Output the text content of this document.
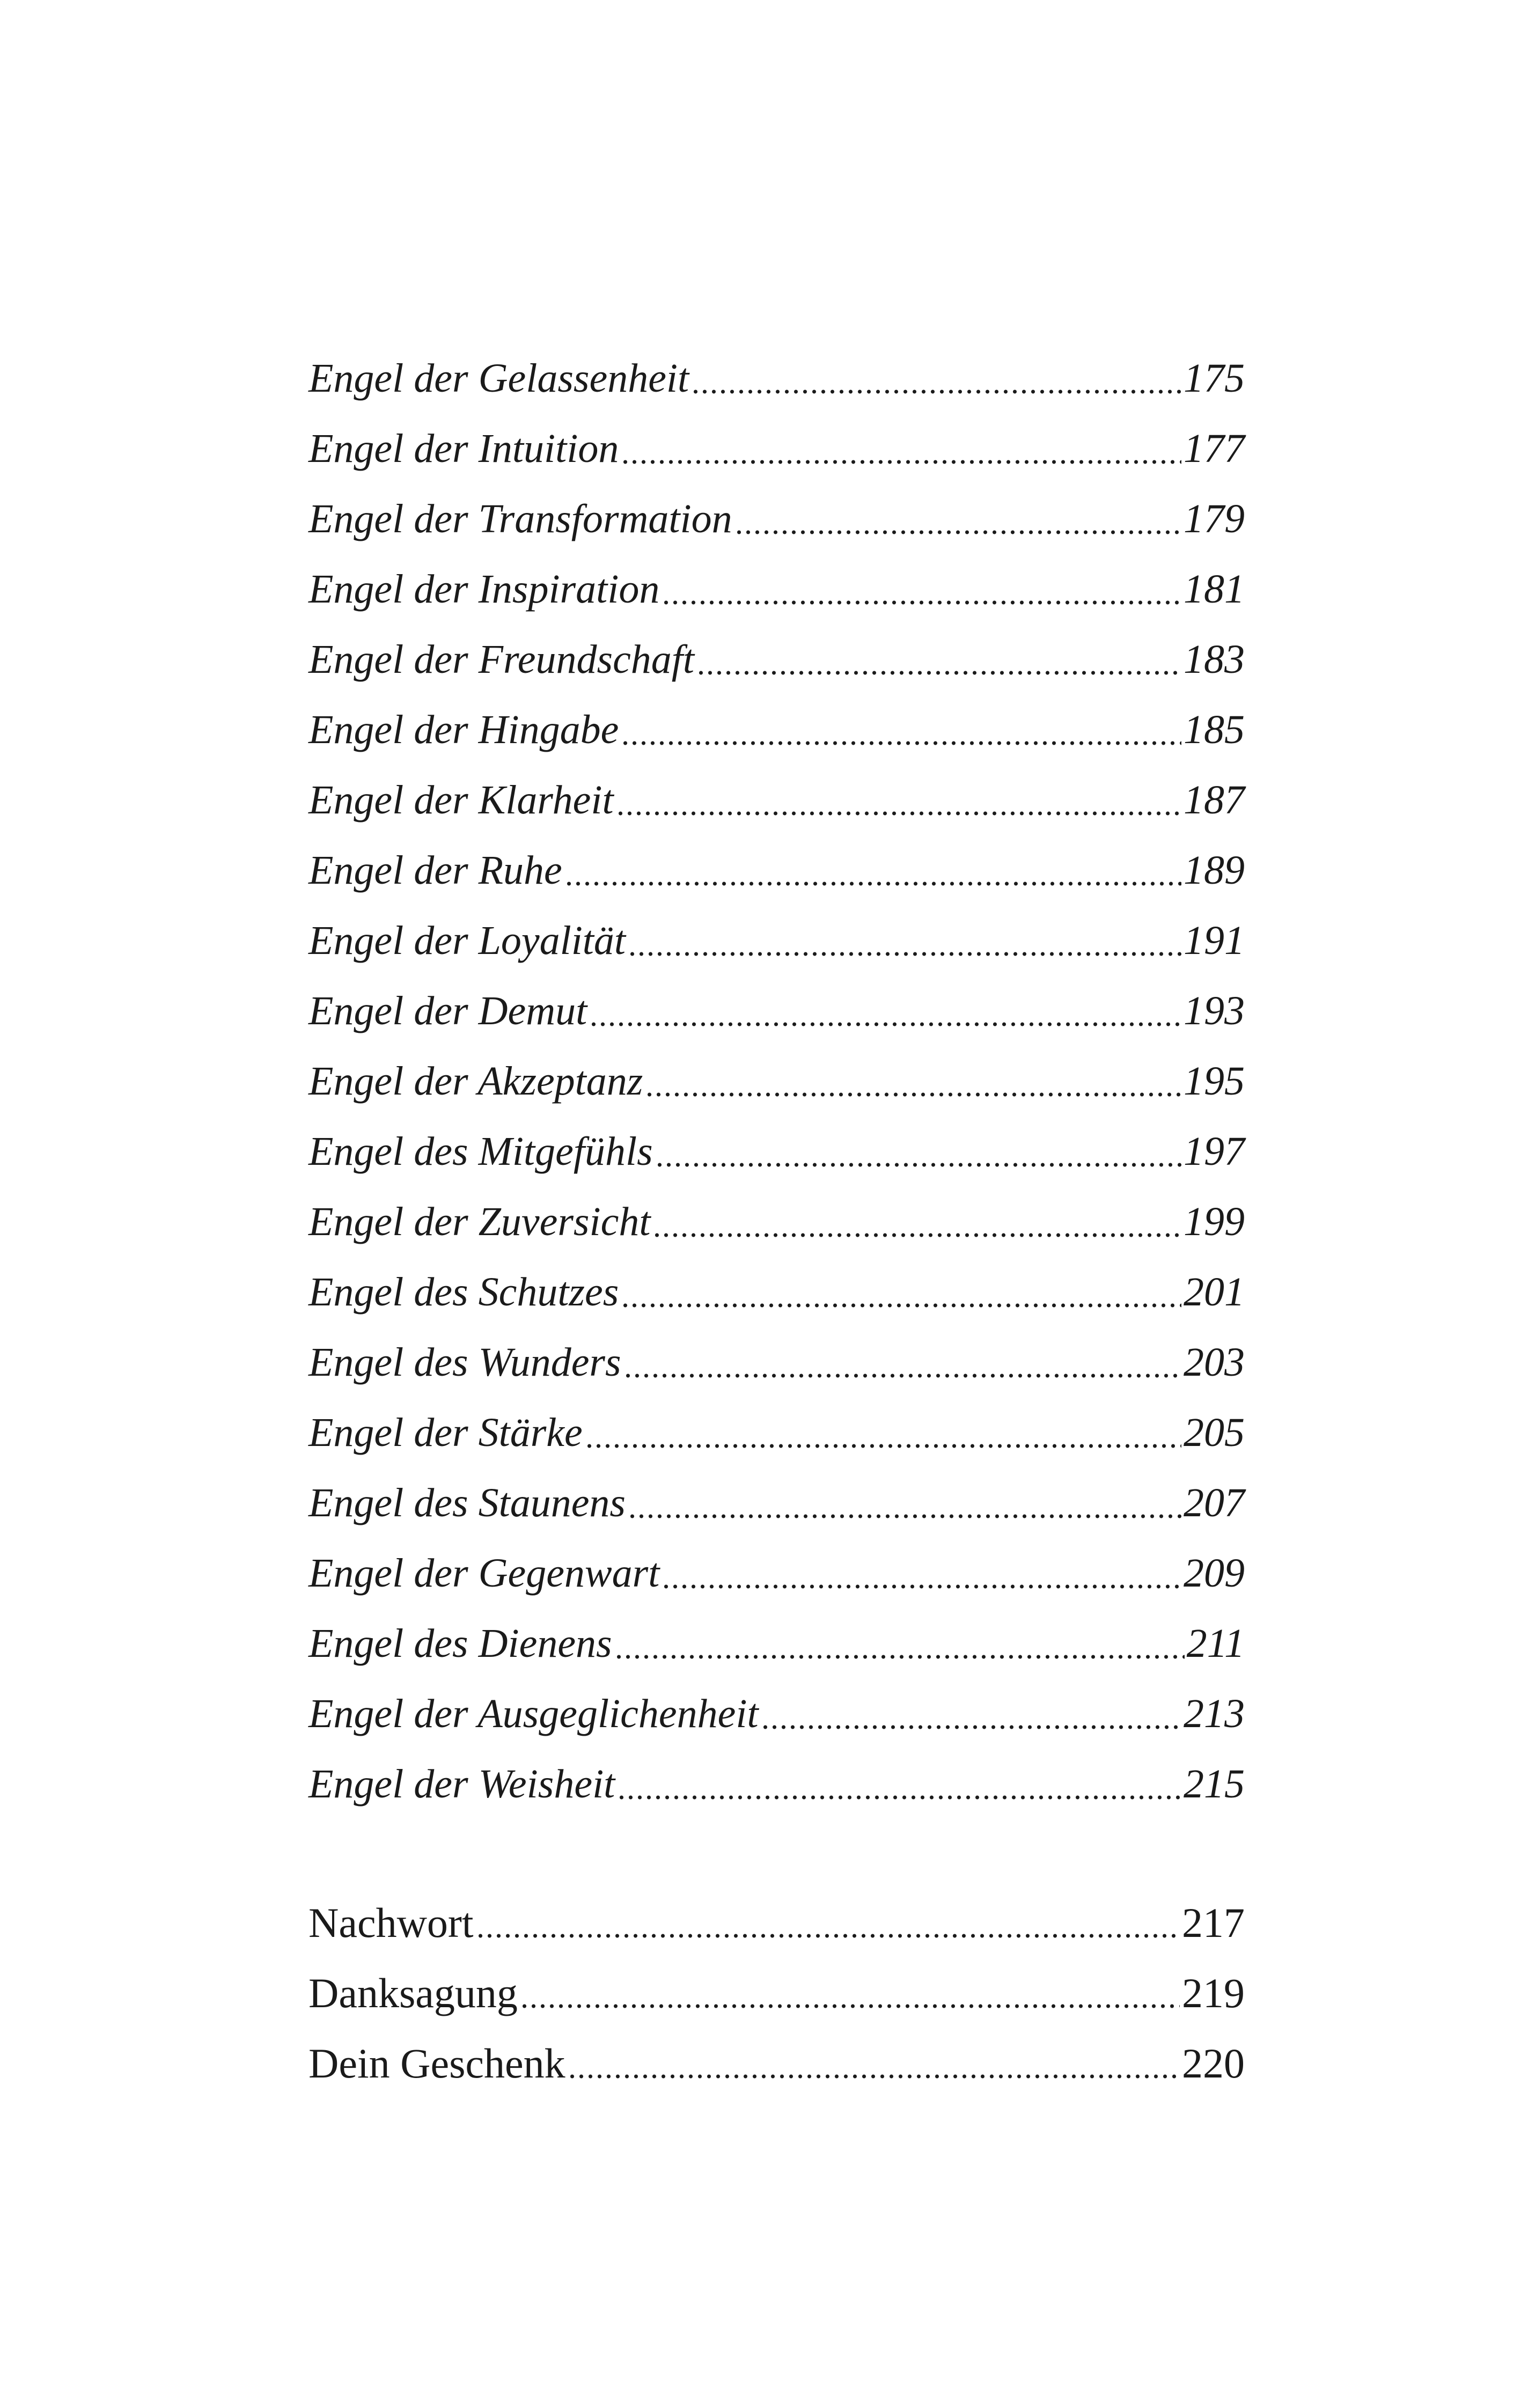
Engel der Gelassenheit	175
Engel der Intuition	177
Engel der Transformation	179
Engel der Inspiration	181
Engel der Freundschaft	183
Engel der Hingabe	185
Engel der Klarheit	187
Engel der Ruhe	189
Engel der Loyalität	191
Engel der Demut	193
Engel der Akzeptanz	195
Engel des Mitgefühls	197
Engel der Zuversicht	199
Engel des Schutzes	201
Engel des Wunders	203
Engel der Stärke	205
Engel des Staunens	207
Engel der Gegenwart	209
Engel des Dienens	211
Engel der Ausgeglichenheit	213
Engel der Weisheit	215
Nachwort	217
Danksagung	219
Dein Geschenk	220
